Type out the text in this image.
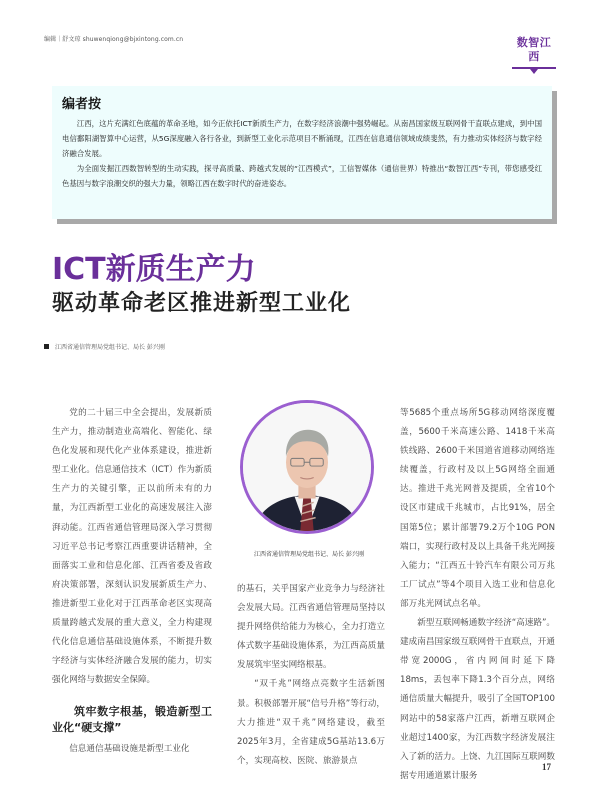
编辑｜舒文琼 shuwenqiong@bjxintong.com.cn	数智江西
编者按

江西，这片充满红色底蕴的革命圣地，如今正依托ICT新质生产力，在数字经济浪潮中强势崛起。从南昌国家级互联网骨干直联点建成，到中国电信鄱阳湖智算中心运营，从5G深度融入各行各业，到新型工业化示范项目不断涌现，江西在信息通信领域成绩斐然，有力推动实体经济与数字经济融合发展。

为全面发掘江西数智转型的生动实践，探寻高质量、跨越式发展的“江西模式”，工信智媒体（通信世界）特推出“数智江西”专刊，带您感受红色基因与数字浪潮交织的强大力量，领略江西在数字时代的奋进姿态。

ICT新质生产力
驱动革命老区推进新型工业化
江西省通信管理局党组书记、局长 彭兴刚

党的二十届三中全会提出，发展新质生产力，推动制造业高端化、智能化、绿色化发展和现代化产业体系建设，推进新型工业化。信息通信技术（ICT）作为新质生产力的关键引擎，正以前所未有的力量，为江西新型工业化的高速发展注入澎湃动能。江西省通信管理局深入学习贯彻习近平总书记考察江西重要讲话精神，全面落实工业和信息化部、江西省委及省政府决策部署，深刻认识发展新质生产力、推进新型工业化对于江西革命老区实现高质量跨越式发展的重大意义，全力构建现代化信息通信基础设施体系，不断提升数字经济与实体经济融合发展的能力，切实强化网络与数据安全保障。

筑牢数字根基，锻造新型工业化“硬支撑”

信息通信基础设施是新型工业化

江西省通信管理局党组书记、局长 彭兴刚

的基石，关乎国家产业竞争力与经济社会发展大局。江西省通信管理局坚持以提升网络供给能力为核心，全力打造立体式数字基础设施体系，为江西高质量发展筑牢坚实网络根基。

“双千兆”网络点亮数字生活新图景。积极部署开展“信号升格”等行动，大力推进“双千兆”网络建设，截至2025年3月，全省建成5G基站13.6万个，实现高校、医院、旅游景点

等5685个重点场所5G移动网络深度覆盖，5600千米高速公路、1418千米高铁线路、2600千米国道省道移动网络连续覆盖，行政村及以上5G网络全面通达。推进千兆光网普及提质，全省10个设区市建成千兆城市，占比91%，居全国第5位；累计部署79.2万个10G PON端口，实现行政村及以上具备千兆光网接入能力；“江西五十铃汽车有限公司万兆工厂试点”等4个项目入选工业和信息化部万兆光网试点名单。

新型互联网畅通数字经济“高速路”。建成南昌国家级互联网骨干直联点，开通带宽2000G，省内网间时延下降18ms，丢包率下降1.3个百分点，网络通信质量大幅提升，吸引了全国TOP100网站中的58家落户江西，新增互联网企业超过1400家，为江西数字经济发展注入了新的活力。上饶、九江国际互联网数据专用通道累计服务

17
